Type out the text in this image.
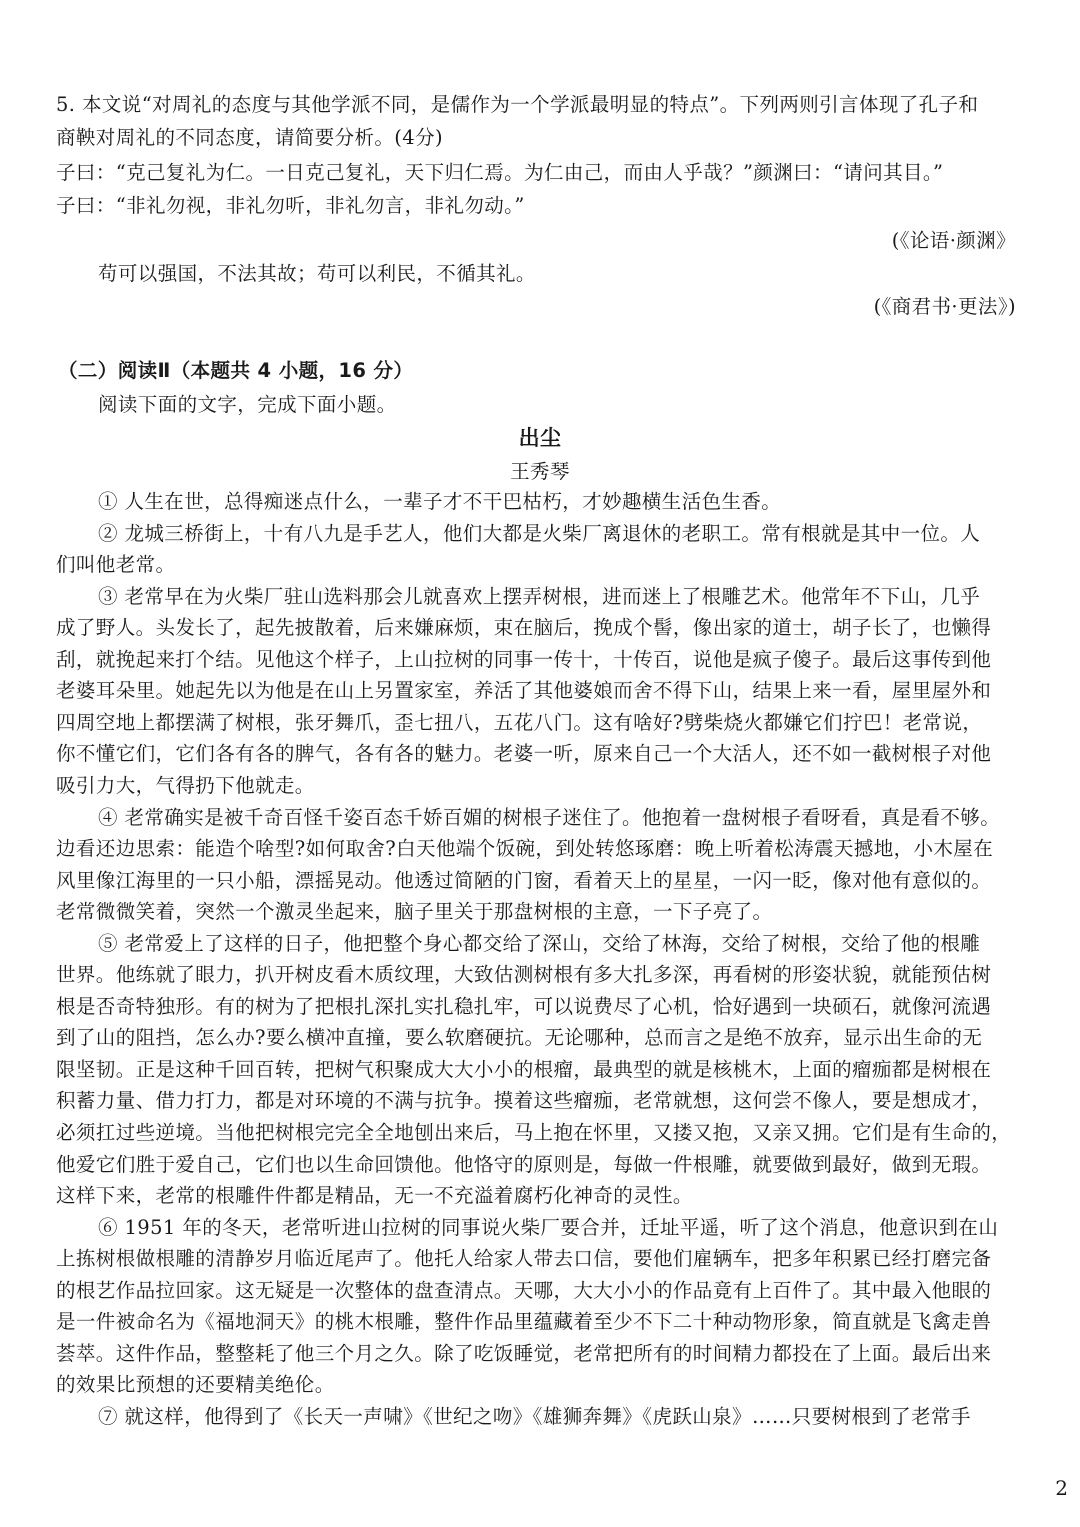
5. 本文说“对周礼的态度与其他学派不同，是儒作为一个学派最明显的特点”。下列两则引言体现了孔子和
商鞅对周礼的不同态度，请简要分析。(4分)
子曰：“克己复礼为仁。一日克己复礼，天下归仁焉。为仁由己，而由人乎哉？”颜渊曰：“请问其目。”
子曰：“非礼勿视，非礼勿听，非礼勿言，非礼勿动。”
(《论语·颜渊》
苟可以强国，不法其故；苟可以利民，不循其礼。
(《商君书·更法》)
（二）阅读Ⅱ（本题共 4 小题，16 分）
阅读下面的文字，完成下面小题。
出尘
王秀琴
① 人生在世，总得痴迷点什么，一辈子才不干巴枯朽，才妙趣横生活色生香。
② 龙城三桥街上，十有八九是手艺人，他们大都是火柴厂离退休的老职工。常有根就是其中一位。人
们叫他老常。
③ 老常早在为火柴厂驻山选料那会儿就喜欢上摆弄树根，进而迷上了根雕艺术。他常年不下山，几乎
成了野人。头发长了，起先披散着，后来嫌麻烦，束在脑后，挽成个髻，像出家的道士，胡子长了，也懒得
刮，就挽起来打个结。见他这个样子，上山拉树的同事一传十，十传百，说他是疯子傻子。最后这事传到他
老婆耳朵里。她起先以为他是在山上另置家室，养活了其他婆娘而舍不得下山，结果上来一看，屋里屋外和
四周空地上都摆满了树根，张牙舞爪，歪七扭八，五花八门。这有啥好?劈柴烧火都嫌它们拧巴！老常说，
你不懂它们，它们各有各的脾气，各有各的魅力。老婆一听，原来自己一个大活人，还不如一截树根子对他
吸引力大，气得扔下他就走。
④ 老常确实是被千奇百怪千姿百态千娇百媚的树根子迷住了。他抱着一盘树根子看呀看，真是看不够。
边看还边思索：能造个啥型?如何取舍?白天他端个饭碗，到处转悠琢磨：晚上听着松涛震天撼地，小木屋在
风里像江海里的一只小船，漂摇晃动。他透过简陋的门窗，看着天上的星星，一闪一眨，像对他有意似的。
老常微微笑着，突然一个激灵坐起来，脑子里关于那盘树根的主意，一下子亮了。
⑤ 老常爱上了这样的日子，他把整个身心都交给了深山，交给了林海，交给了树根，交给了他的根雕
世界。他练就了眼力，扒开树皮看木质纹理，大致估测树根有多大扎多深，再看树的形姿状貌，就能预估树
根是否奇特独形。有的树为了把根扎深扎实扎稳扎牢，可以说费尽了心机，恰好遇到一块硕石，就像河流遇
到了山的阻挡，怎么办?要么横冲直撞，要么软磨硬抗。无论哪种，总而言之是绝不放弃，显示出生命的无
限坚韧。正是这种千回百转，把树气积聚成大大小小的根瘤，最典型的就是核桃木，上面的瘤痂都是树根在
积蓄力量、借力打力，都是对环境的不满与抗争。摸着这些瘤痂，老常就想，这何尝不像人，要是想成才，
必须扛过些逆境。当他把树根完完全全地刨出来后，马上抱在怀里，又搂又抱，又亲又拥。它们是有生命的，
他爱它们胜于爱自己，它们也以生命回馈他。他恪守的原则是，每做一件根雕，就要做到最好，做到无瑕。
这样下来，老常的根雕件件都是精品，无一不充溢着腐朽化神奇的灵性。
⑥ 1951 年的冬天，老常听进山拉树的同事说火柴厂要合并，迁址平遥，听了这个消息，他意识到在山
上拣树根做根雕的清静岁月临近尾声了。他托人给家人带去口信，要他们雇辆车，把多年积累已经打磨完备
的根艺作品拉回家。这无疑是一次整体的盘查清点。天哪，大大小小的作品竟有上百件了。其中最入他眼的
是一件被命名为《福地洞天》的桃木根雕，整件作品里蕴藏着至少不下二十种动物形象，简直就是飞禽走兽
荟萃。这件作品，整整耗了他三个月之久。除了吃饭睡觉，老常把所有的时间精力都投在了上面。最后出来
的效果比预想的还要精美绝伦。
⑦ 就这样，他得到了《长天一声啸》《世纪之吻》《雄狮奔舞》《虎跃山泉》……只要树根到了老常手
2
